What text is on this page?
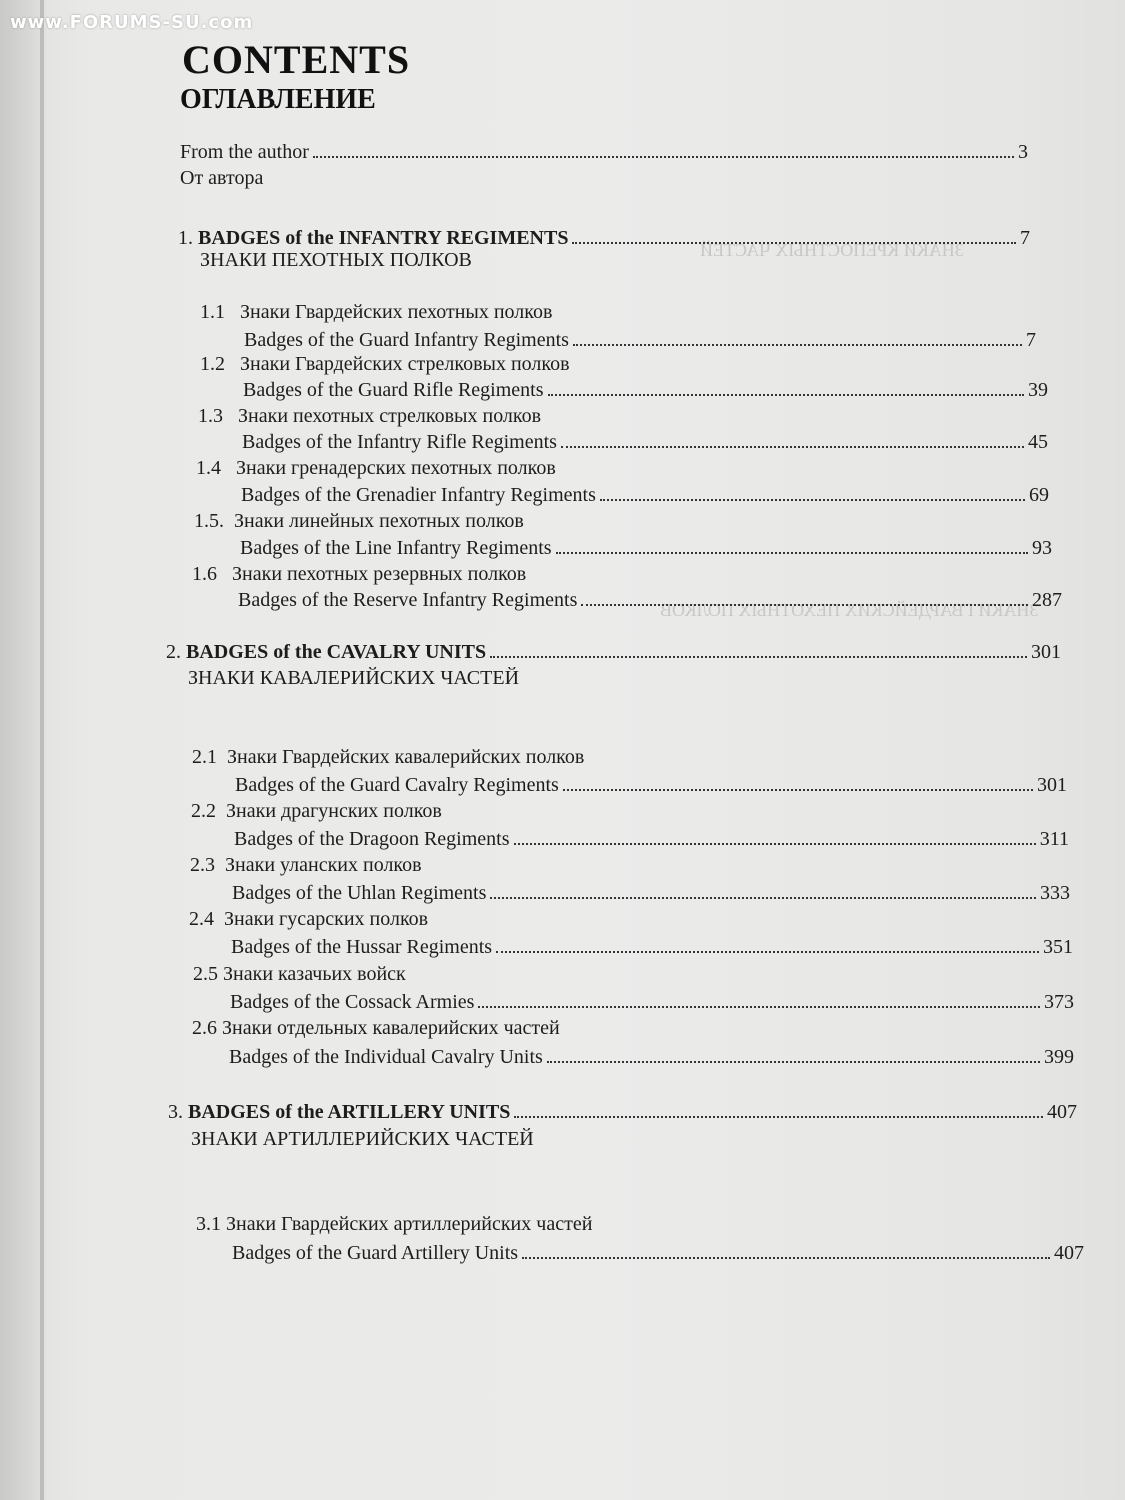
ЗНАКИ КРЕПОСТНЫХ ЧАСТЕЙ
ЗНАКИ ГВАРДЕЙСКИХ ПЕХОТНЫХ ПОЛКОВ
www.FORUMS-SU.com
CONTENTS
ОГЛАВЛЕНИЕ
From the author	3
От автора
1. BADGES of the INFANTRY REGIMENTS	7
ЗНАКИ ПЕХОТНЫХ ПОЛКОВ
1.1 Знаки Гвардейских пехотных полков
Badges of the Guard Infantry Regiments	7
1.2 Знаки Гвардейских стрелковых полков
Badges of the Guard Rifle Regiments	39
1.3 Знаки пехотных стрелковых полков
Badges of the Infantry Rifle Regiments	45
1.4 Знаки гренадерских пехотных полков
Badges of the Grenadier Infantry Regiments	69
1.5. Знаки линейных пехотных полков
Badges of the Line Infantry Regiments	93
1.6 Знаки пехотных резервных полков
Badges of the Reserve Infantry Regiments	287
2. BADGES of the CAVALRY UNITS	301
ЗНАКИ КАВАЛЕРИЙСКИХ ЧАСТЕЙ
2.1 Знаки Гвардейских кавалерийских полков
Badges of the Guard Cavalry Regiments	301
2.2 Знаки драгунских полков
Badges of the Dragoon Regiments	311
2.3 Знаки уланских полков
Badges of the Uhlan Regiments	333
2.4 Знаки гусарских полков
Badges of the Hussar Regiments	351
2.5 Знаки казачьих войск
Badges of the Cossack Armies	373
2.6 Знаки отдельных кавалерийских частей
Badges of the Individual Cavalry Units	399
3. BADGES of the ARTILLERY UNITS	407
ЗНАКИ АРТИЛЛЕРИЙСКИХ ЧАСТЕЙ
3.1 Знаки Гвардейских артиллерийских частей
Badges of the Guard Artillery Units	407
